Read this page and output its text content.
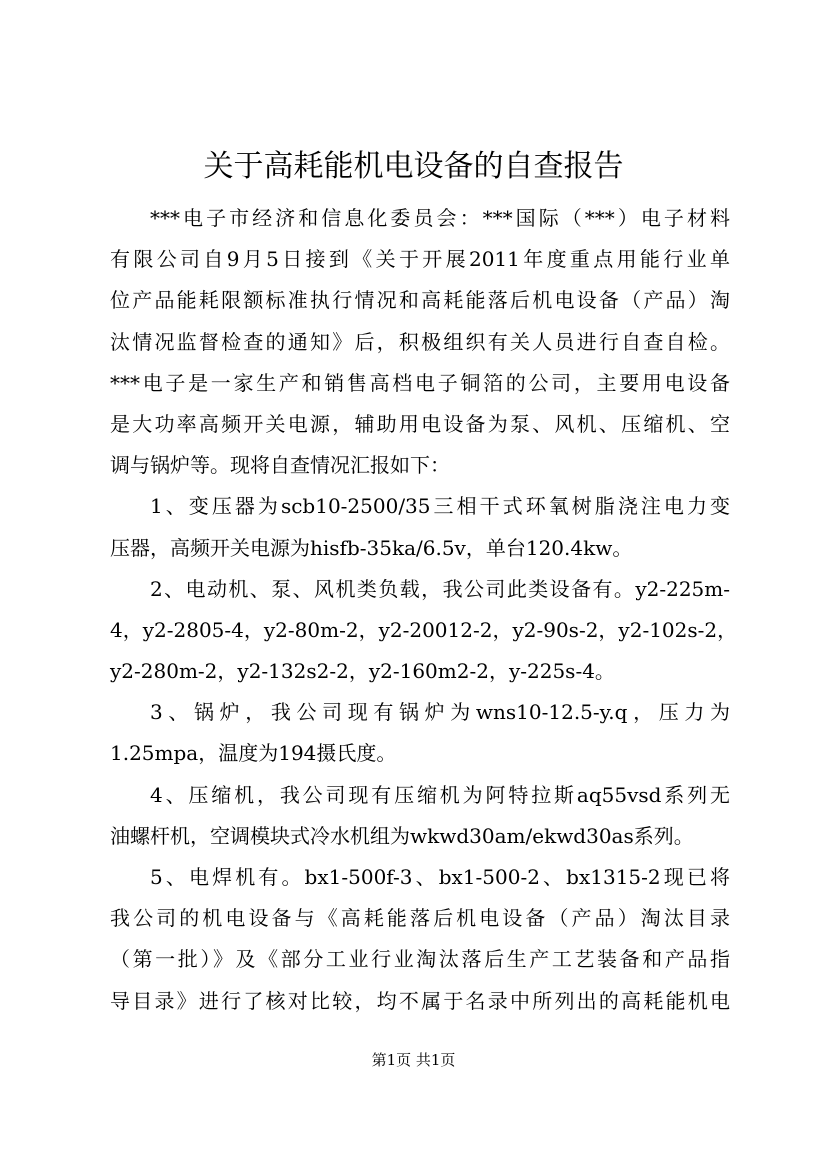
关于高耗能机电设备的自查报告
***电子市经济和信息化委员会：***国际（***）电子材料
有限公司自9月5日接到《关于开展2011年度重点用能行业单
位产品能耗限额标准执行情况和高耗能落后机电设备（产品）淘
汰情况监督检查的通知》后，积极组织有关人员进行自查自检。
***电子是一家生产和销售高档电子铜箔的公司，主要用电设备
是大功率高频开关电源，辅助用电设备为泵、风机、压缩机、空
调与锅炉等。现将自查情况汇报如下：
1、变压器为scb10-2500/35三相干式环氧树脂浇注电力变
压器，高频开关电源为hisfb-35ka/6.5v，单台120.4kw。
2、电动机、泵、风机类负载，我公司此类设备有。y2-225m-
4，y2-2805-4，y2-80m-2，y2-20012-2，y2-90s-2，y2-102s-2，
y2-280m-2，y2-132s2-2，y2-160m2-2，y-225s-4。
3、锅炉，我公司现有锅炉为wns10-12.5-y.q，压力为
1.25mpa，温度为194摄氏度。
4、压缩机，我公司现有压缩机为阿特拉斯aq55vsd系列无
油螺杆机，空调模块式冷水机组为wkwd30am/ekwd30as系列。
5、电焊机有。bx1-500f-3、bx1-500-2、bx1315-2现已将
我公司的机电设备与《高耗能落后机电设备（产品）淘汰目录
（第一批）》及《部分工业行业淘汰落后生产工艺装备和产品指
导目录》进行了核对比较，均不属于名录中所列出的高耗能机电
第1页 共1页
